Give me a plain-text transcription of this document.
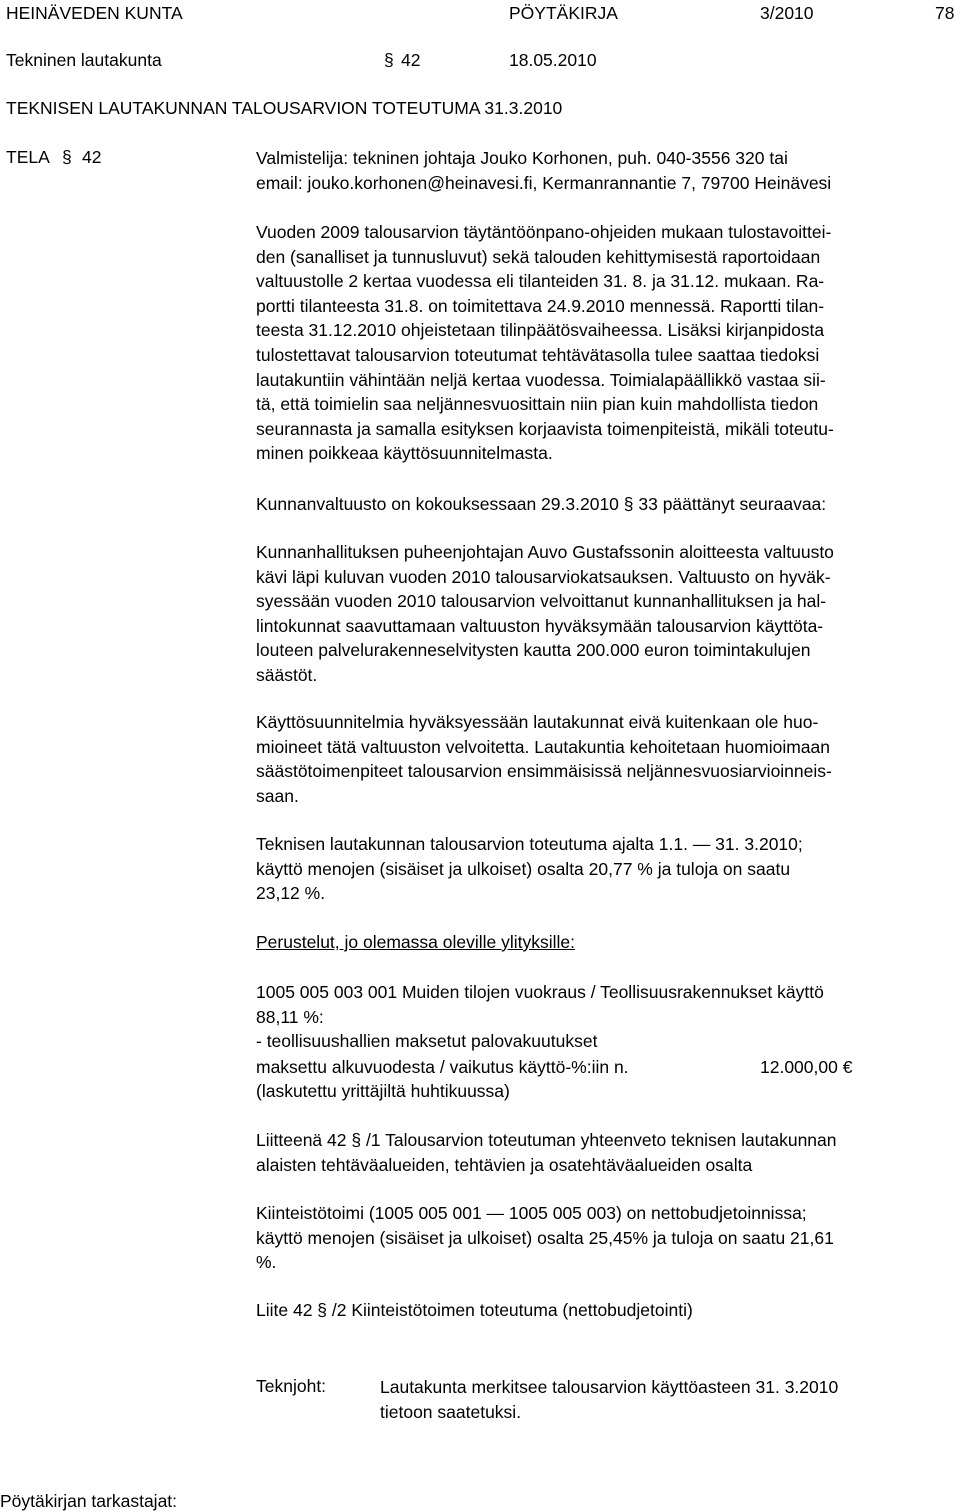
HEINÄVEDEN KUNTA	PÖYTÄKIRJA	3/2010	78
Tekninen lautakunta	§ 42	18.05.2010
TEKNISEN LAUTAKUNNAN TALOUSARVION TOTEUTUMA 31.3.2010
TELA § 42	Valmistelija: tekninen johtaja Jouko Korhonen, puh. 040-3556 320 tai
email: jouko.korhonen@heinavesi.fi, Kermanrannantie 7, 79700 Heinävesi
Vuoden 2009 talousarvion täytäntöönpano-ohjeiden mukaan tulostavoittei-
den (sanalliset ja tunnusluvut) sekä talouden kehittymisestä raportoidaan
valtuustolle 2 kertaa vuodessa eli tilanteiden 31. 8. ja 31.12. mukaan. Ra-
portti tilanteesta 31.8. on toimitettava 24.9.2010 mennessä. Raportti tilan-
teesta 31.12.2010 ohjeistetaan tilinpäätösvaiheessa. Lisäksi kirjanpidosta
tulostettavat talousarvion toteutumat tehtävätasolla tulee saattaa tiedoksi
lautakuntiin vähintään neljä kertaa vuodessa. Toimialapäällikkö vastaa sii-
tä, että toimielin saa neljännesvuosittain niin pian kuin mahdollista tiedon
seurannasta ja samalla esityksen korjaavista toimenpiteistä, mikäli toteutu-
minen poikkeaa käyttösuunnitelmasta.
Kunnanvaltuusto on kokouksessaan 29.3.2010 § 33 päättänyt seuraavaa:
Kunnanhallituksen puheenjohtajan Auvo Gustafssonin aloitteesta valtuusto
kävi läpi kuluvan vuoden 2010 talousarviokatsauksen. Valtuusto on hyväk-
syessään vuoden 2010 talousarvion velvoittanut kunnanhallituksen ja hal-
lintokunnat saavuttamaan valtuuston hyväksymään talousarvion käyttöta-
louteen palvelurakenneselvitysten kautta 200.000 euron toimintakulujen
säästöt.
Käyttösuunnitelmia hyväksyessään lautakunnat eivä kuitenkaan ole huo-
mioineet tätä valtuuston velvoitetta. Lautakuntia kehoitetaan huomioimaan
säästötoimenpiteet talousarvion ensimmäisissä neljännesvuosiarvioinneis-
saan.
Teknisen lautakunnan talousarvion toteutuma ajalta 1.1. — 31. 3.2010;
käyttö menojen (sisäiset ja ulkoiset) osalta 20,77 % ja tuloja on saatu
23,12 %.
Perustelut, jo olemassa oleville ylityksille:
1005 005 003 001 Muiden tilojen vuokraus / Teollisuusrakennukset käyttö
88,11 %:
- teollisuushallien maksetut palovakuutukset
maksettu alkuvuodesta / vaikutus käyttö-%:iin n.	12.000,00 €
(laskutettu yrittäjiltä huhtikuussa)
Liitteenä 42 § /1 Talousarvion toteutuman yhteenveto teknisen lautakunnan
alaisten tehtäväalueiden, tehtävien ja osatehtäväalueiden osalta
Kiinteistötoimi (1005 005 001 — 1005 005 003) on nettobudjetoinnissa;
käyttö menojen (sisäiset ja ulkoiset) osalta 25,45% ja tuloja on saatu 21,61
%.
Liite 42 § /2 Kiinteistötoimen toteutuma (nettobudjetointi)
Teknjoht:	Lautakunta merkitsee talousarvion käyttöasteen 31. 3.2010
tietoon saatetuksi.
Pöytäkirjan tarkastajat:
